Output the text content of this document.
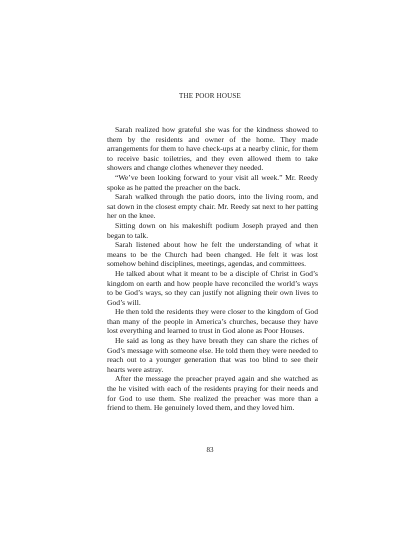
THE POOR HOUSE

Sarah realized how grateful she was for the kindness showed to them by the residents and owner of the home. They made arrangements for them to have check-ups at a nearby clinic, for them to receive basic toiletries, and they even allowed them to take showers and change clothes whenever they needed.

“We’ve been looking forward to your visit all week.” Mr. Reedy spoke as he patted the preacher on the back.

Sarah walked through the patio doors, into the living room, and sat down in the closest empty chair. Mr. Reedy sat next to her patting her on the knee.

Sitting down on his makeshift podium Joseph prayed and then began to talk.

Sarah listened about how he felt the understanding of what it means to be the Church had been changed. He felt it was lost somehow behind disciplines, meetings, agendas, and committees.

He talked about what it meant to be a disciple of Christ in God’s kingdom on earth and how people have reconciled the world’s ways to be God’s ways, so they can justify not aligning their own lives to God’s will.

He then told the residents they were closer to the kingdom of God than many of the people in America’s churches, because they have lost everything and learned to trust in God alone as Poor Houses.

He said as long as they have breath they can share the riches of God’s message with someone else. He told them they were needed to reach out to a younger generation that was too blind to see their hearts were astray.

After the message the preacher prayed again and she watched as the he visited with each of the residents praying for their needs and for God to use them. She realized the preacher was more than a friend to them. He genuinely loved them, and they loved him.

83
